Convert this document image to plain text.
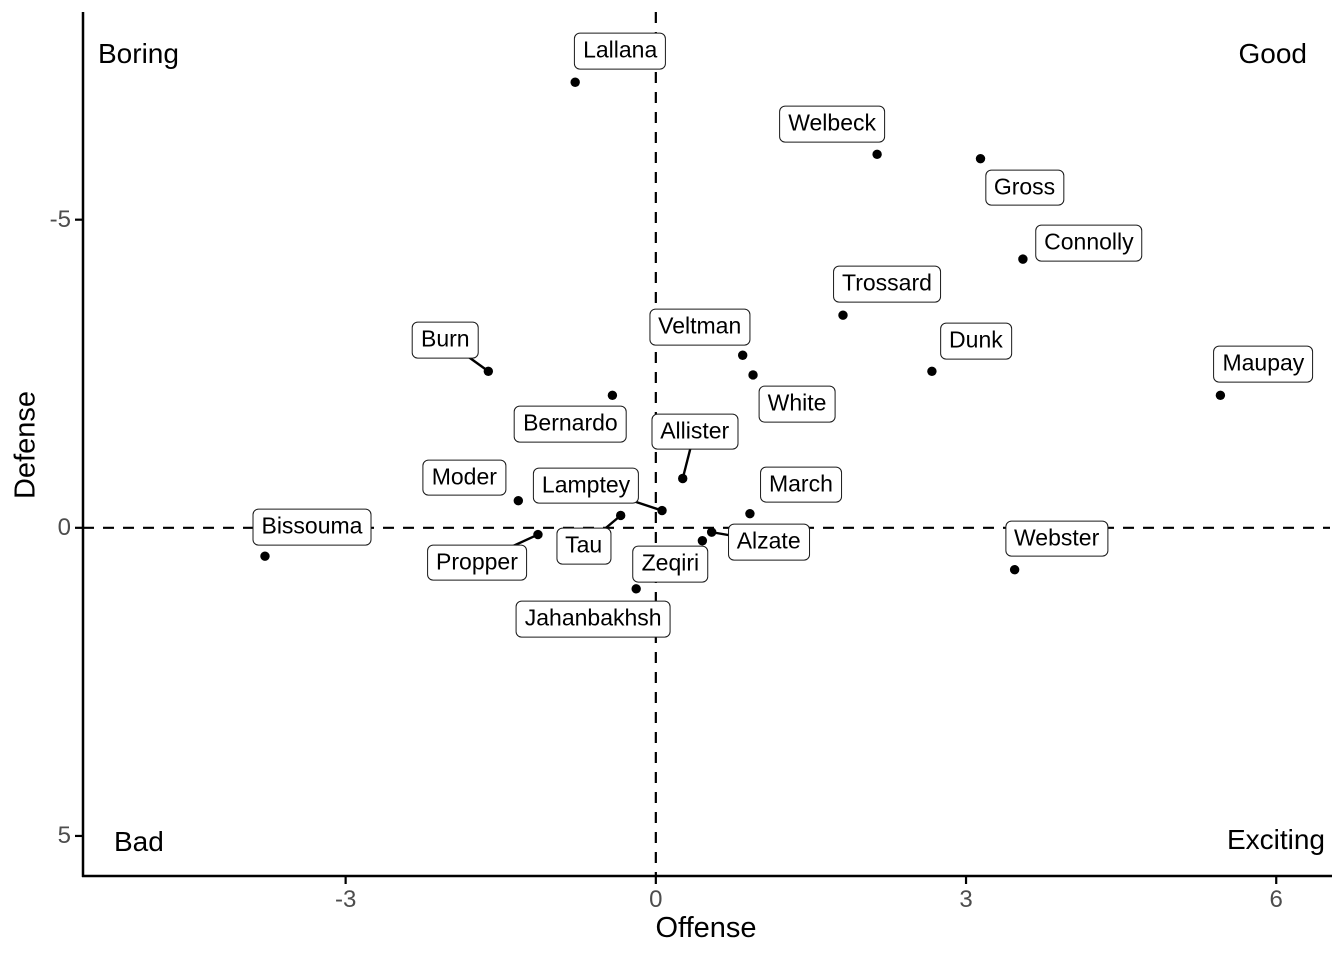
Lallana
Welbeck
Gross
Connolly
Trossard
Dunk
Maupay
Burn
Bernardo
Veltman
White
Allister
Moder	Lamptey
Tau
Propper
Bissouma
March
Alzate
Zeqiri
Jahanbakhsh
Webster
-3	0	3	6
-5
0
5
Boring	Good
Bad	Exciting
Offense
Defense
